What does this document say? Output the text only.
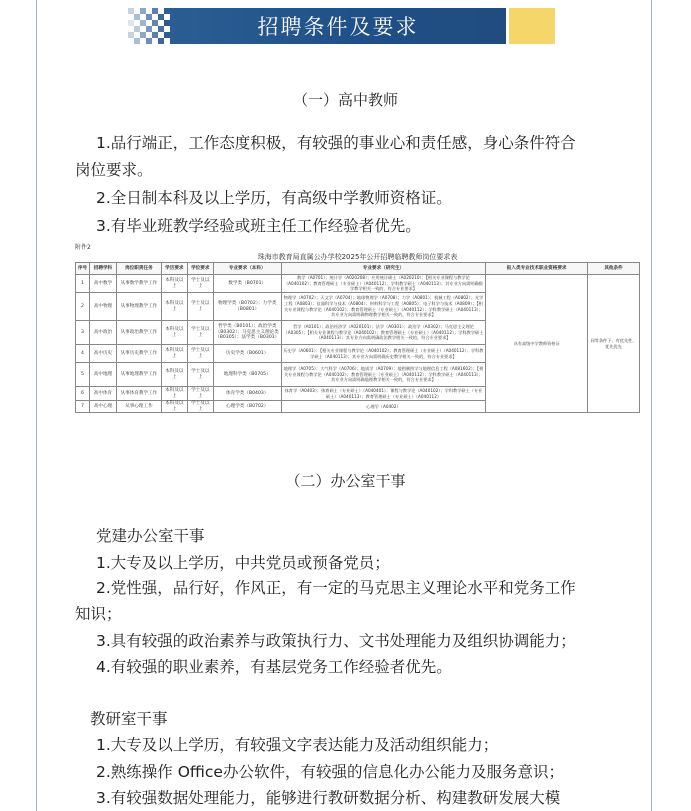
招聘条件及要求
（一）高中教师
1.品行端正，工作态度积极，有较强的事业心和责任感，身心条件符合
岗位要求。
2.全日制本科及以上学历，有高级中学教师资格证。
3.有毕业班教学经验或班主任工作经验者优先。
附件2
珠海市教育局直属公办学校2025年公开招聘临聘教师岗位要求表
序号	招聘学科	岗位职责任务	学历要求	学位要求	专业要求（本科）	专业要求（研究生）	报入类专业技术职业资格要求	其他条件
1	高中数学	从事数学教学工作	本科及以上	学士及以上	数学类（B0701）	数学（A0701）；统计学（A020208）；应用统计硕士（A020210）；【相关专业课程与教学论（A040102）；教育管理硕士（专业硕士）（A040112）；学科教学硕士（A040113）；其专业方向需明确数学教学相关一致的，符合专业要求】	具有高级中学教师资格证	同等条件下，有优先性，优先优先
2	高中物理	从事物理教学工作	本科及以上	学士及以上	物理学类（B0702）；力学类（B0801）	物理学（A0702）；天文学（A0704）；地球物理学（A0708）；力学（A0801）；机械工程（A0802）；光学工程（A0803）；仪器科学与技术（A0804）；材料科学与工程（A0805）；电子科学与技术（A0809）；【相关专业课程与教学论（A040102）；教育管理硕士（专业硕士）（A040112）；学科教学硕士（A040113）；其专业方向需明确物理教学相关一致的，符合专业要求】		
3	高中政治	从事政治教学工作	本科及以上	学士及以上	哲学类（B0101）；政治学类（B0302）；马克思主义理论类（B0305）；法学类（B0301）	哲学（A0101）；政治经济学（A020101）；法学（A0301）；政治学（A0302）；马克思主义理论（A0305）；【相关专业课程与教学论（A040102）；教育管理硕士（专业硕士）（A040112）；学科教学硕士（A040113）；其专业方向需明确政治教学相关一致的，符合专业要求】		
4	高中历史	从事历史教学工作	本科及以上	学士及以上	历史学类（B0601）	历史学（A0601）；【相关专业课程与教学论（A040102）；教育管理硕士（专业硕士）（A040112）；学科教学硕士（A040113）；其专业方向需明确历史教学相关一致的，符合专业要求】		
5	高中地理	从事地理教学工作	本科及以上	学士及以上	地理科学类（B0705）	地理学（A0705）；大气科学（A0706）；地质学（A0709）；地图制图学与地理信息工程（A081602）；【相关专业课程与教学论（A040102）；教育管理硕士（专业硕士）（A040112）；学科教学硕士（A040113）；其专业方向需明确地理教学相关一致的，符合专业要求】		
6	高中体育	从事体育教学工作	本科及以上	学士及以上	体育学类（B0403）	体育学（A0403）；体育硕士（专业硕士）（A040401）；课程与教学论（A040102）；学科教学硕士（专业硕士）（A040113）；教育管理硕士（专业硕士）（A040112）		
7	高中心理	从事心理工作	本科及以上	学士及以上	心理学类（B0702）	心理学（A0402）		
（二）办公室干事
党建办公室干事
1.大专及以上学历，中共党员或预备党员；
2.党性强，品行好，作风正，有一定的马克思主义理论水平和党务工作
知识；
3.具有较强的政治素养与政策执行力、文书处理能力及组织协调能力；
4.有较强的职业素养，有基层党务工作经验者优先。
教研室干事
1.大专及以上学历，有较强文字表达能力及活动组织能力；
2.熟练操作 Office办公软件，有较强的信息化办公能力及服务意识；
3.有较强数据处理能力，能够进行教研数据分析、构建教研发展大模
